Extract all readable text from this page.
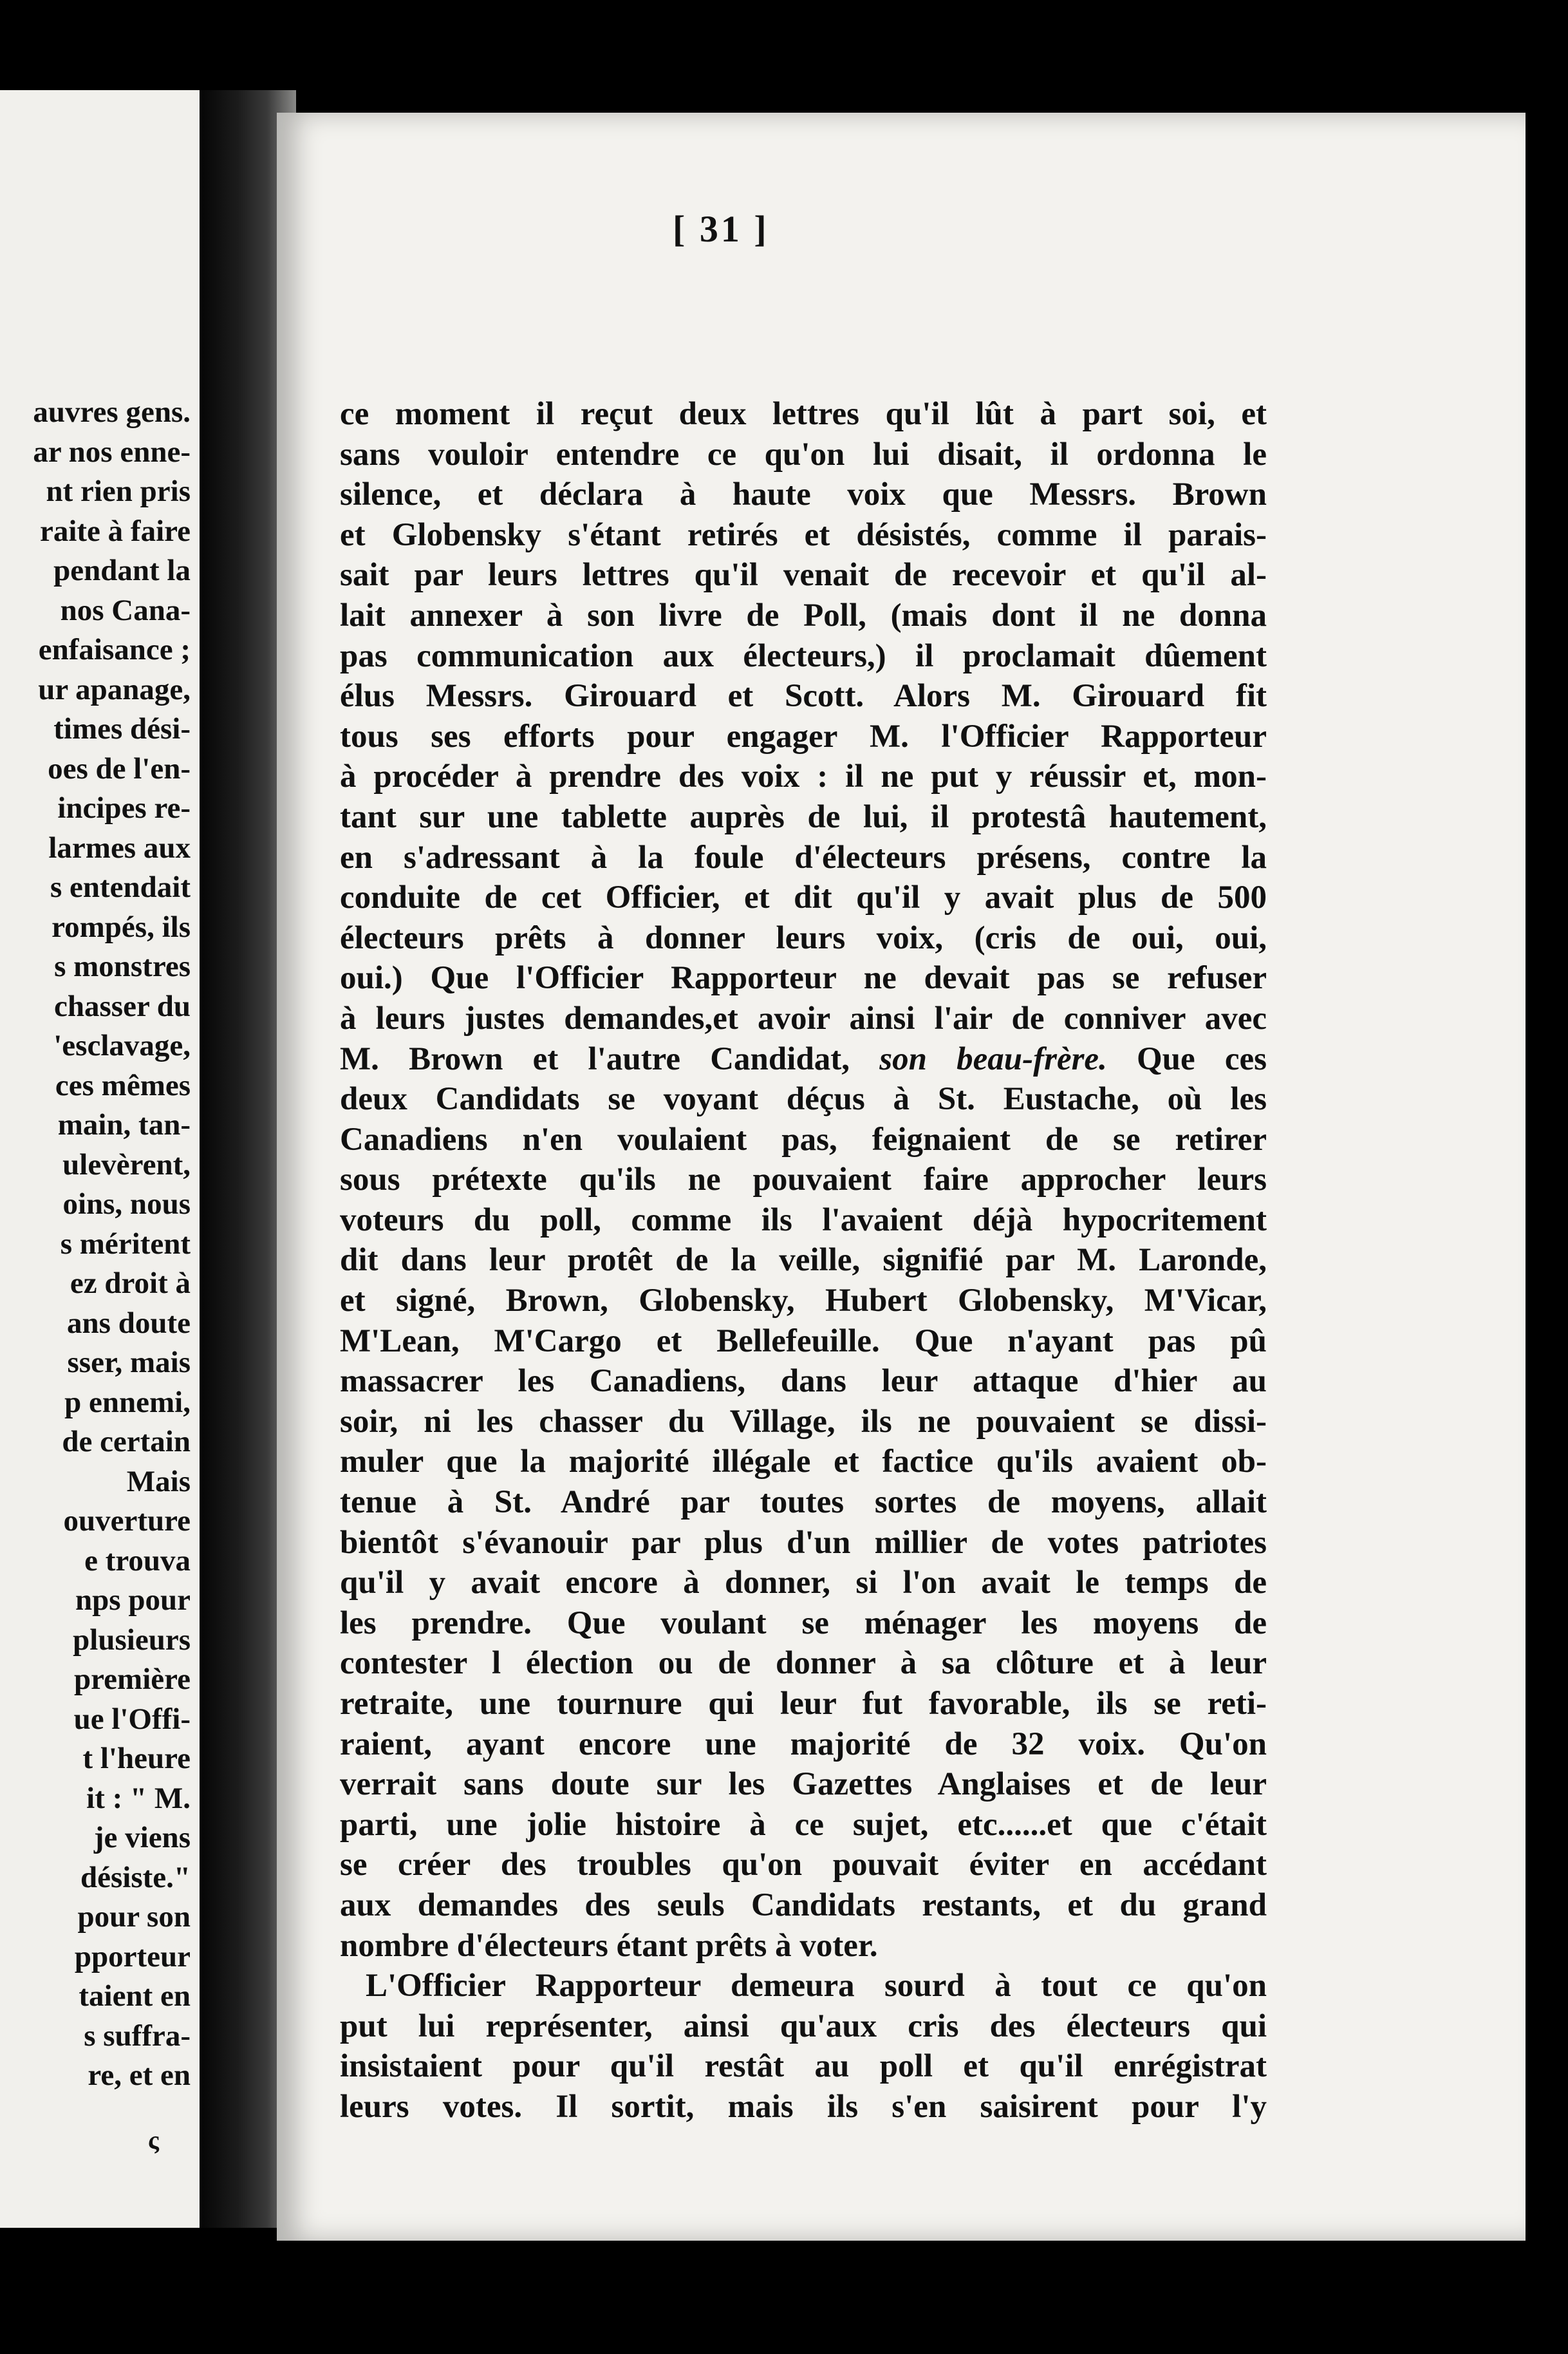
auvres gens.
ar nos enne-
nt rien pris
raite à faire
pendant la
nos Cana-
enfaisance ;
ur apanage,
times dési-
oes de l'en-
incipes re-
larmes aux
s entendait
rompés, ils
s monstres
chasser du
'esclavage,
ces mêmes
main, tan-
ulevèrent,
oins, nous
s méritent
ez droit à
ans doute
sser, mais
p ennemi,
de certain
Mais
ouverture
e trouva
nps pour
plusieurs
première
ue l'Offi-
t l'heure
it : " M.
je viens
désiste."
pour son
pporteur
taient en
s suffra-
re, et en
ς
[ 31 ]
ce moment il reçut deux lettres qu'il lût à part soi, et
sans vouloir entendre ce qu'on lui disait, il ordonna le
silence, et déclara à haute voix que Messrs. Brown
et Globensky s'étant retirés et désistés, comme il parais-
sait par leurs lettres qu'il venait de recevoir et qu'il al-
lait annexer à son livre de Poll, (mais dont il ne donna
pas communication aux électeurs,) il proclamait dûement
élus Messrs. Girouard et Scott. Alors M. Girouard fit
tous ses efforts pour engager M. l'Officier Rapporteur
à procéder à prendre des voix : il ne put y réussir et, mon-
tant sur une tablette auprès de lui, il protestâ hautement,
en s'adressant à la foule d'électeurs présens, contre la
conduite de cet Officier, et dit qu'il y avait plus de 500
électeurs prêts à donner leurs voix, (cris de oui, oui,
oui.) Que l'Officier Rapporteur ne devait pas se refuser
à leurs justes demandes,et avoir ainsi l'air de conniver avec
M. Brown et l'autre Candidat, son beau-frère. Que ces
deux Candidats se voyant déçus à St. Eustache, où les
Canadiens n'en voulaient pas, feignaient de se retirer
sous prétexte qu'ils ne pouvaient faire approcher leurs
voteurs du poll, comme ils l'avaient déjà hypocritement
dit dans leur protêt de la veille, signifié par M. Laronde,
et signé, Brown, Globensky, Hubert Globensky, M'Vicar,
M'Lean, M'Cargo et Bellefeuille. Que n'ayant pas pû
massacrer les Canadiens, dans leur attaque d'hier au
soir, ni les chasser du Village, ils ne pouvaient se dissi-
muler que la majorité illégale et factice qu'ils avaient ob-
tenue à St. André par toutes sortes de moyens, allait
bientôt s'évanouir par plus d'un millier de votes patriotes
qu'il y avait encore à donner, si l'on avait le temps de
les prendre. Que voulant se ménager les moyens de
contester l élection ou de donner à sa clôture et à leur
retraite, une tournure qui leur fut favorable, ils se reti-
raient, ayant encore une majorité de 32 voix. Qu'on
verrait sans doute sur les Gazettes Anglaises et de leur
parti, une jolie histoire à ce sujet, etc......et que c'était
se créer des troubles qu'on pouvait éviter en accédant
aux demandes des seuls Candidats restants, et du grand
nombre d'électeurs étant prêts à voter.
L'Officier Rapporteur demeura sourd à tout ce qu'on
put lui représenter, ainsi qu'aux cris des électeurs qui
insistaient pour qu'il restât au poll et qu'il enrégistrat
leurs votes. Il sortit, mais ils s'en saisirent pour l'y
